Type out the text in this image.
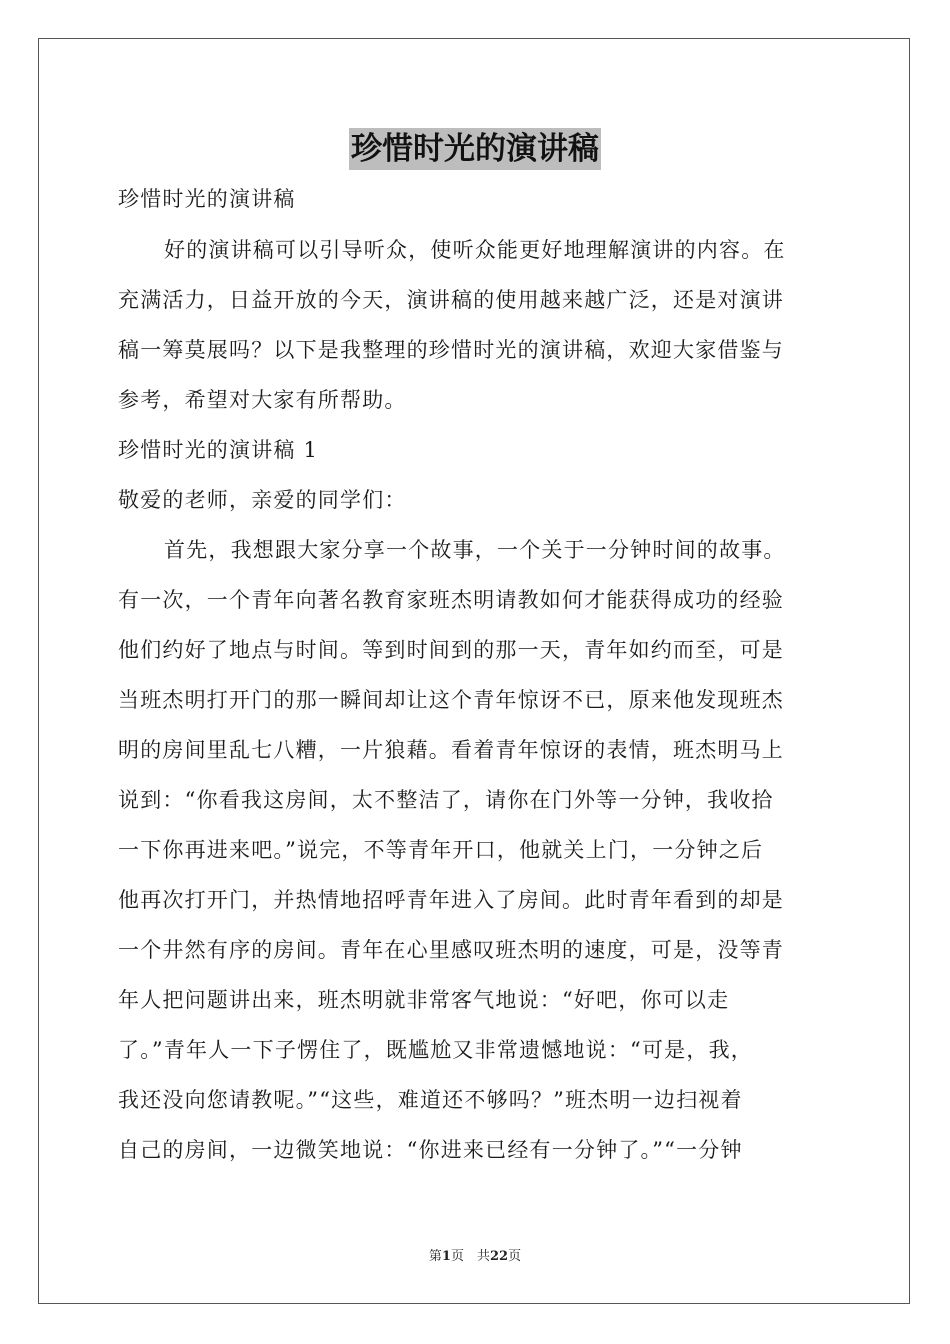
珍惜时光的演讲稿
珍惜时光的演讲稿
好的演讲稿可以引导听众，使听众能更好地理解演讲的内容。在
充满活力，日益开放的今天，演讲稿的使用越来越广泛，还是对演讲
稿一筹莫展吗？以下是我整理的珍惜时光的演讲稿，欢迎大家借鉴与
参考，希望对大家有所帮助。
珍惜时光的演讲稿 1
敬爱的老师，亲爱的同学们：
首先，我想跟大家分享一个故事，一个关于一分钟时间的故事。
有一次，一个青年向著名教育家班杰明请教如何才能获得成功的经验
他们约好了地点与时间。等到时间到的那一天，青年如约而至，可是
当班杰明打开门的那一瞬间却让这个青年惊讶不已，原来他发现班杰
明的房间里乱七八糟，一片狼藉。看着青年惊讶的表情，班杰明马上
说到：“你看我这房间，太不整洁了，请你在门外等一分钟，我收拾
一下你再进来吧。”说完，不等青年开口，他就关上门，一分钟之后
他再次打开门，并热情地招呼青年进入了房间。此时青年看到的却是
一个井然有序的房间。青年在心里感叹班杰明的速度，可是，没等青
年人把问题讲出来，班杰明就非常客气地说：“好吧，你可以走
了。”青年人一下子愣住了，既尴尬又非常遗憾地说：“可是，我，
我还没向您请教呢。”“这些，难道还不够吗？”班杰明一边扫视着
自己的房间，一边微笑地说：“你进来已经有一分钟了。”“一分钟
第1页　共22页
